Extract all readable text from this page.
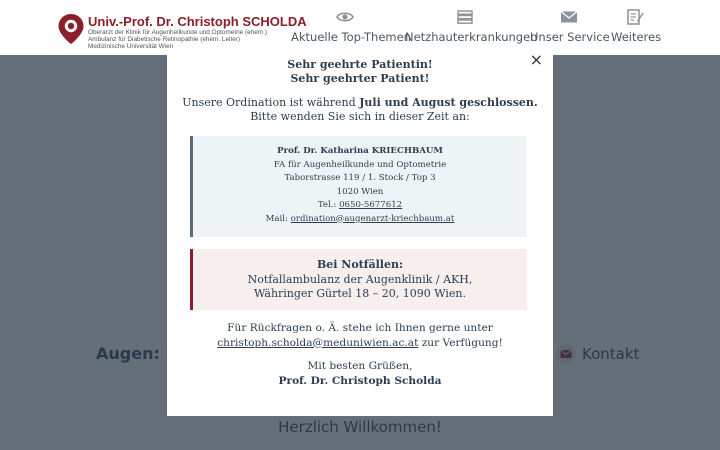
Univ.-Prof. Dr. Christoph SCHOLDA
Oberarzt der Klinik für Augenheilkunde und Optometrie (ehem.)
Ambulanz für Diabetische Retinopathie (ehem. Leiter)
Medizinische Universität Wien
Aktuelle Top-Themen
Netzhauterkrankungen
Unser Service Weiteres
×
Sehr geehrte Patientin!
Sehr geehrter Patient!
Unsere Ordination ist während Juli und August geschlossen.
Bitte wenden Sie sich in dieser Zeit an:
Prof. Dr. Katharina KRIECHBAUM
FA für Augenheilkunde und Optometrie
Taborstrasse 119 / 1. Stock / Top 3
1020 Wien
Tel.: 0650-5677612
Mail: ordination@augenarzt-kriechbaum.at
Bei Notfällen:
Notfallambulanz der Augenklinik / AKH,
Währinger Gürtel 18 – 20, 1090 Wien.
Für Rückfragen o. Ä. stehe ich Ihnen gerne unter
christoph.scholda@meduniwien.ac.at zur Verfügung!
Mit besten Grüßen,
Prof. Dr. Christoph Scholda
